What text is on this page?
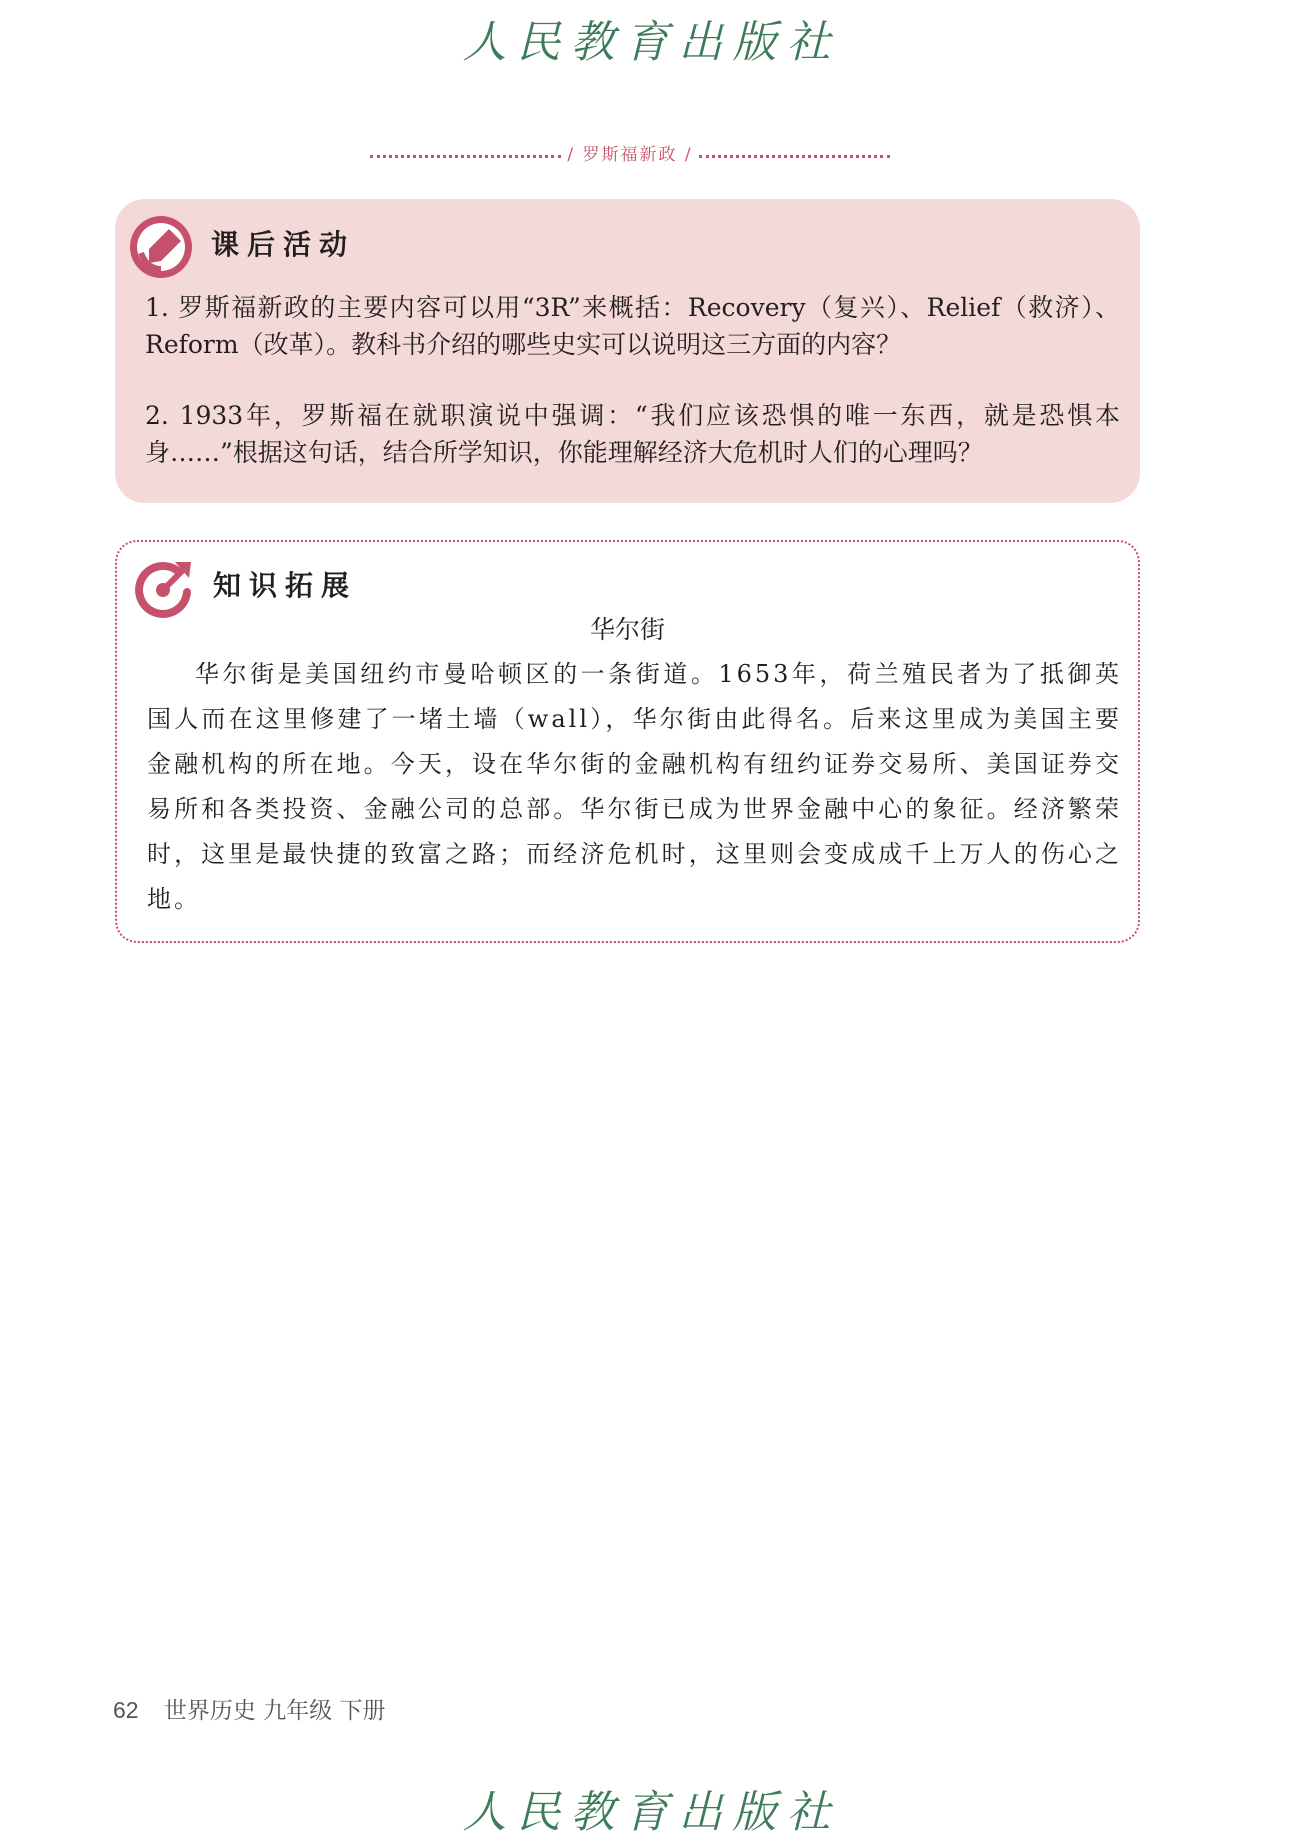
人民教育出版社
/ 罗斯福新政 /
课后活动
1. 罗斯福新政的主要内容可以用“3R”来概括：Recovery（复兴）、Relief（救济）、Reform（改革）。教科书介绍的哪些史实可以说明这三方面的内容？
2. 1933年，罗斯福在就职演说中强调：“我们应该恐惧的唯一东西，就是恐惧本身……”根据这句话，结合所学知识，你能理解经济大危机时人们的心理吗？
知识拓展
华尔街
华尔街是美国纽约市曼哈顿区的一条街道。1653年，荷兰殖民者为了抵御英国人而在这里修建了一堵土墙（wall），华尔街由此得名。后来这里成为美国主要金融机构的所在地。今天，设在华尔街的金融机构有纽约证券交易所、美国证券交易所和各类投资、金融公司的总部。华尔街已成为世界金融中心的象征。经济繁荣时，这里是最快捷的致富之路；而经济危机时，这里则会变成成千上万人的伤心之地。
62 世界历史 九年级 下册
人民教育出版社
